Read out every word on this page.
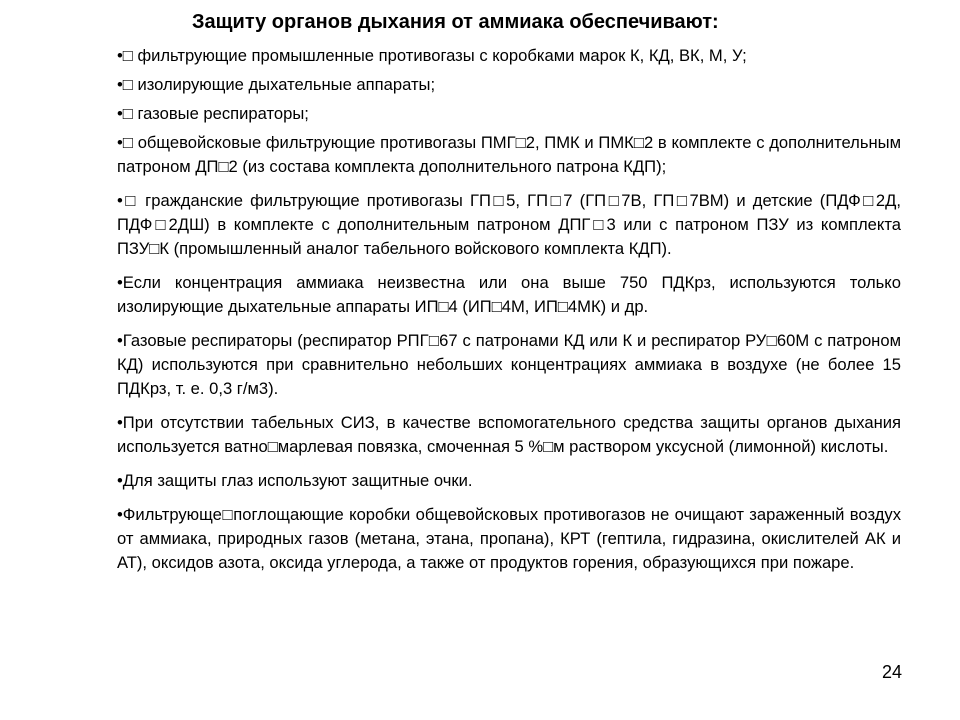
Защиту органов дыхания от аммиака обеспечивают:

•□ фильтрующие промышленные противогазы с коробками марок К, КД, ВК, М, У;

•□ изолирующие дыхательные аппараты;

•□ газовые респираторы;

•□ общевойсковые фильтрующие противогазы ПМГ□2, ПМК и ПМК□2 в комплекте с дополнительным патроном ДП□2 (из состава комплекта дополнительного патрона КДП);

•□ гражданские фильтрующие противогазы ГП□5, ГП□7 (ГП□7В, ГП□7ВМ) и детские (ПДФ□2Д, ПДФ□2ДШ) в комплекте с дополнительным патроном ДПГ□3 или с патроном ПЗУ из комплекта ПЗУ□К (промышленный аналог табельного войскового комплекта КДП).

•Если концентрация аммиака неизвестна или она выше 750 ПДКрз, используются только изолирующие дыхательные аппараты ИП□4 (ИП□4М, ИП□4МК) и др.

•Газовые респираторы (респиратор РПГ□67 с патронами КД или К и респиратор РУ□60М с патроном КД) используются при сравнительно небольших концентрациях аммиака в воздухе (не более 15 ПДКрз, т. е. 0,3 г/м3).

•При отсутствии табельных СИЗ, в качестве вспомогательного средства защиты органов дыхания используется ватно□марлевая повязка, смоченная 5 %□м раствором уксусной (лимонной) кислоты.

•Для защиты глаз используют защитные очки.

•Фильтрующе□поглощающие коробки общевойсковых противогазов не очищают зараженный воздух от аммиака, природных газов (метана, этана, пропана), КРТ (гептила, гидразина, окислителей АК и АТ), оксидов азота, оксида углерода, а также от продуктов горения, образующихся при пожаре.

24
